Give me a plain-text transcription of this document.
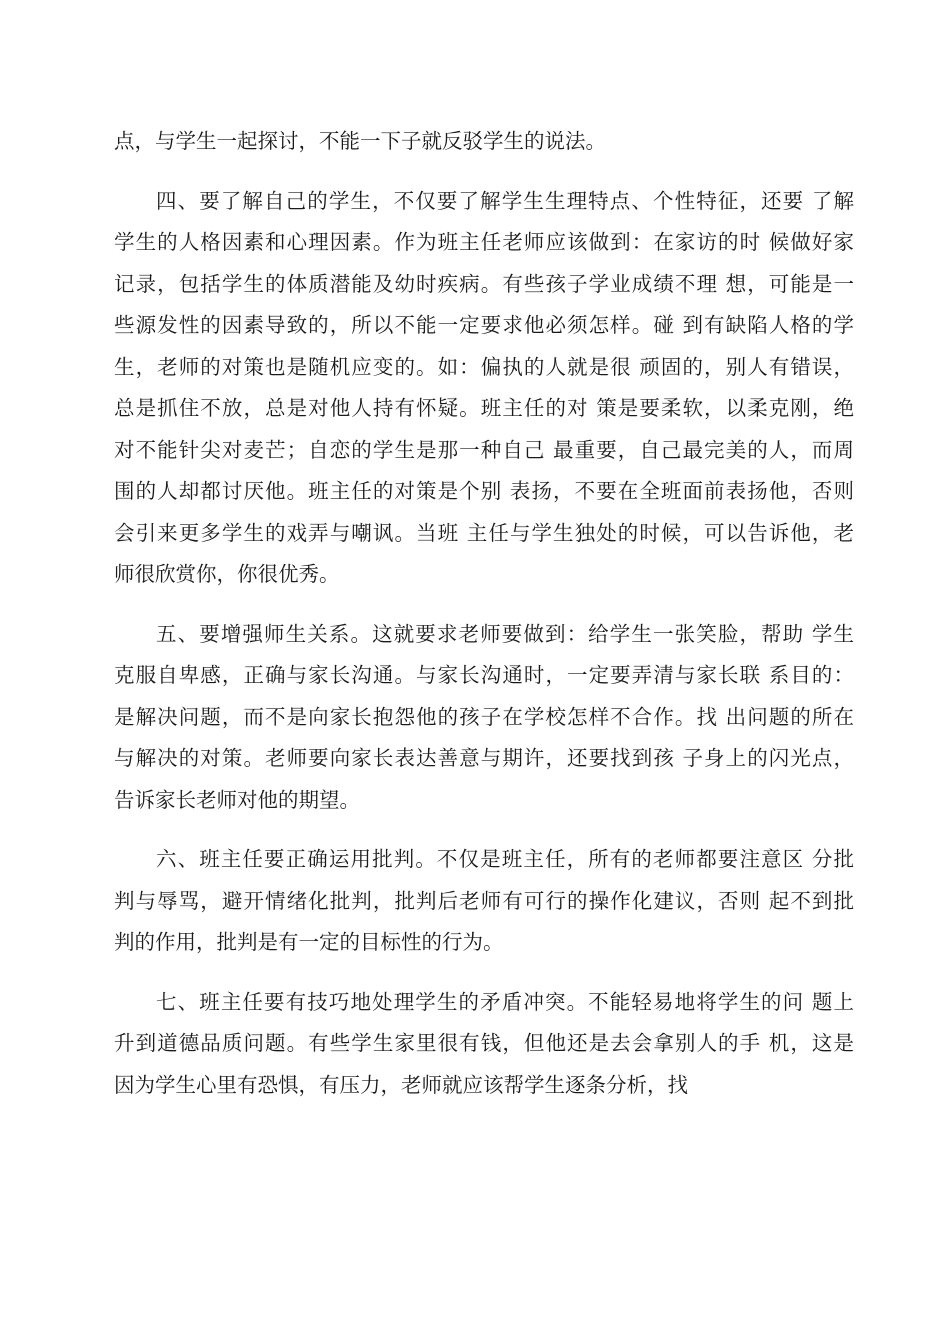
点，与学生一起探讨，不能一下子就反驳学生的说法。
四、要了解自己的学生，不仅要了解学生生理特点、个性特征，还要 了解
学生的人格因素和心理因素。作为班主任老师应该做到：在家访的时 候做好家
记录，包括学生的体质潜能及幼时疾病。有些孩子学业成绩不理 想，可能是一
些源发性的因素导致的，所以不能一定要求他必须怎样。碰 到有缺陷人格的学
生，老师的对策也是随机应变的。如：偏执的人就是很 顽固的，别人有错误，
总是抓住不放，总是对他人持有怀疑。班主任的对 策是要柔软，以柔克刚，绝
对不能针尖对麦芒；自恋的学生是那一种自己 最重要，自己最完美的人，而周
围的人却都讨厌他。班主任的对策是个别 表扬，不要在全班面前表扬他，否则
会引来更多学生的戏弄与嘲讽。当班 主任与学生独处的时候，可以告诉他，老
师很欣赏你，你很优秀。
五、要增强师生关系。这就要求老师要做到：给学生一张笑脸，帮助 学生
克服自卑感，正确与家长沟通。与家长沟通时，一定要弄清与家长联 系目的：
是解决问题，而不是向家长抱怨他的孩子在学校怎样不合作。找 出问题的所在
与解决的对策。老师要向家长表达善意与期许，还要找到孩 子身上的闪光点，
告诉家长老师对他的期望。
六、班主任要正确运用批判。不仅是班主任，所有的老师都要注意区 分批
判与辱骂，避开情绪化批判，批判后老师有可行的操作化建议，否则 起不到批
判的作用，批判是有一定的目标性的行为。
七、班主任要有技巧地处理学生的矛盾冲突。不能轻易地将学生的问 题上
升到道德品质问题。有些学生家里很有钱，但他还是去会拿别人的手 机，这是
因为学生心里有恐惧，有压力，老师就应该帮学生逐条分析，找
